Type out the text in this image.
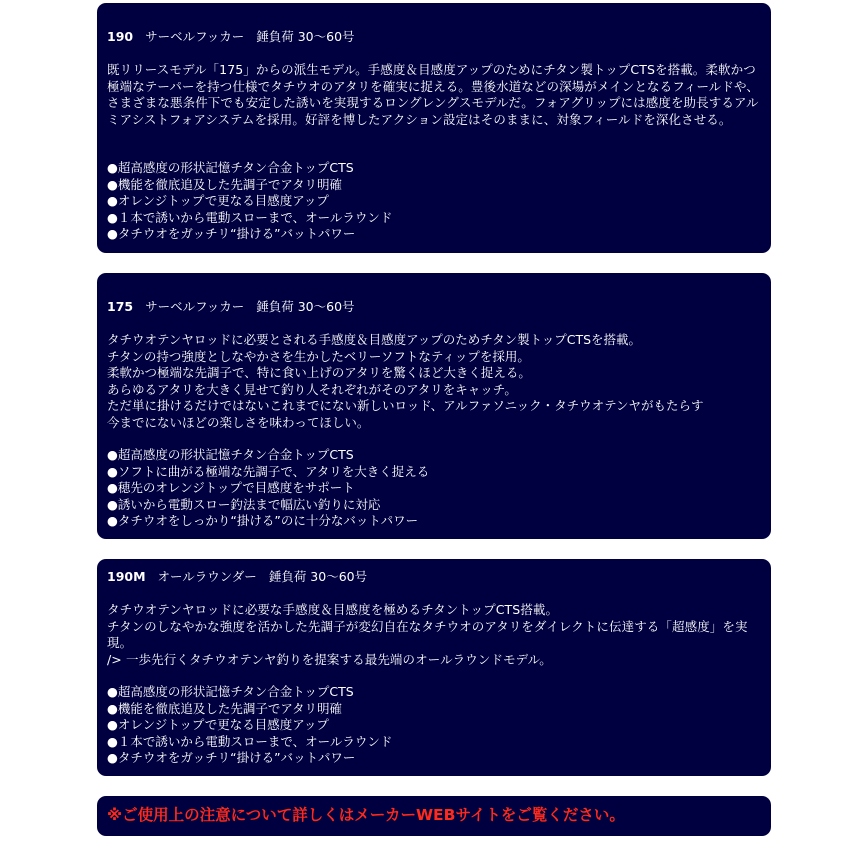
190 サーベルフッカー 錘負荷 30〜60号
既リリースモデル「175」からの派生モデル。手感度＆目感度アップのためにチタン製トップCTSを搭載。柔軟かつ極端なテーパーを持つ仕様でタチウオのアタリを確実に捉える。豊後水道などの深場がメインとなるフィールドや、さまざまな悪条件下でも安定した誘いを実現するロングレングスモデルだ。フォアグリップには感度を助長するアルミアシストフォアシステムを採用。好評を博したアクション設定はそのままに、対象フィールドを深化させる。
●超高感度の形状記憶チタン合金トップCTS
●機能を徹底追及した先調子でアタリ明確
●オレンジトップで更なる目感度アップ
●１本で誘いから電動スローまで、オールラウンド
●タチウオをガッチリ“掛ける”バットパワー
175 サーベルフッカー 錘負荷 30〜60号
タチウオテンヤロッドに必要とされる手感度＆目感度アップのためチタン製トップCTSを搭載。
チタンの持つ強度としなやかさを生かしたベリーソフトなティップを採用。
柔軟かつ極端な先調子で、特に食い上げのアタリを驚くほど大きく捉える。
あらゆるアタリを大きく見せて釣り人それぞれがそのアタリをキャッチ。
ただ単に掛けるだけではないこれまでにない新しいロッド、アルファソニック・タチウオテンヤがもたらす
今までにないほどの楽しさを味わってほしい。
●超高感度の形状記憶チタン合金トップCTS
●ソフトに曲がる極端な先調子で、アタリを大きく捉える
●穂先のオレンジトップで目感度をサポート
●誘いから電動スロー釣法まで幅広い釣りに対応
●タチウオをしっかり“掛ける”のに十分なバットパワー
190M オールラウンダー 錘負荷 30〜60号
タチウオテンヤロッドに必要な手感度＆目感度を極めるチタントップCTS搭載。
チタンのしなやかな強度を活かした先調子が変幻自在なタチウオのアタリをダイレクトに伝達する「超感度」を実現。
/> 一歩先行くタチウオテンヤ釣りを提案する最先端のオールラウンドモデル。
●超高感度の形状記憶チタン合金トップCTS
●機能を徹底追及した先調子でアタリ明確
●オレンジトップで更なる目感度アップ
●１本で誘いから電動スローまで、オールラウンド
●タチウオをガッチリ“掛ける”バットパワー
※ご使用上の注意について詳しくはメーカーWEBサイトをご覧ください。
